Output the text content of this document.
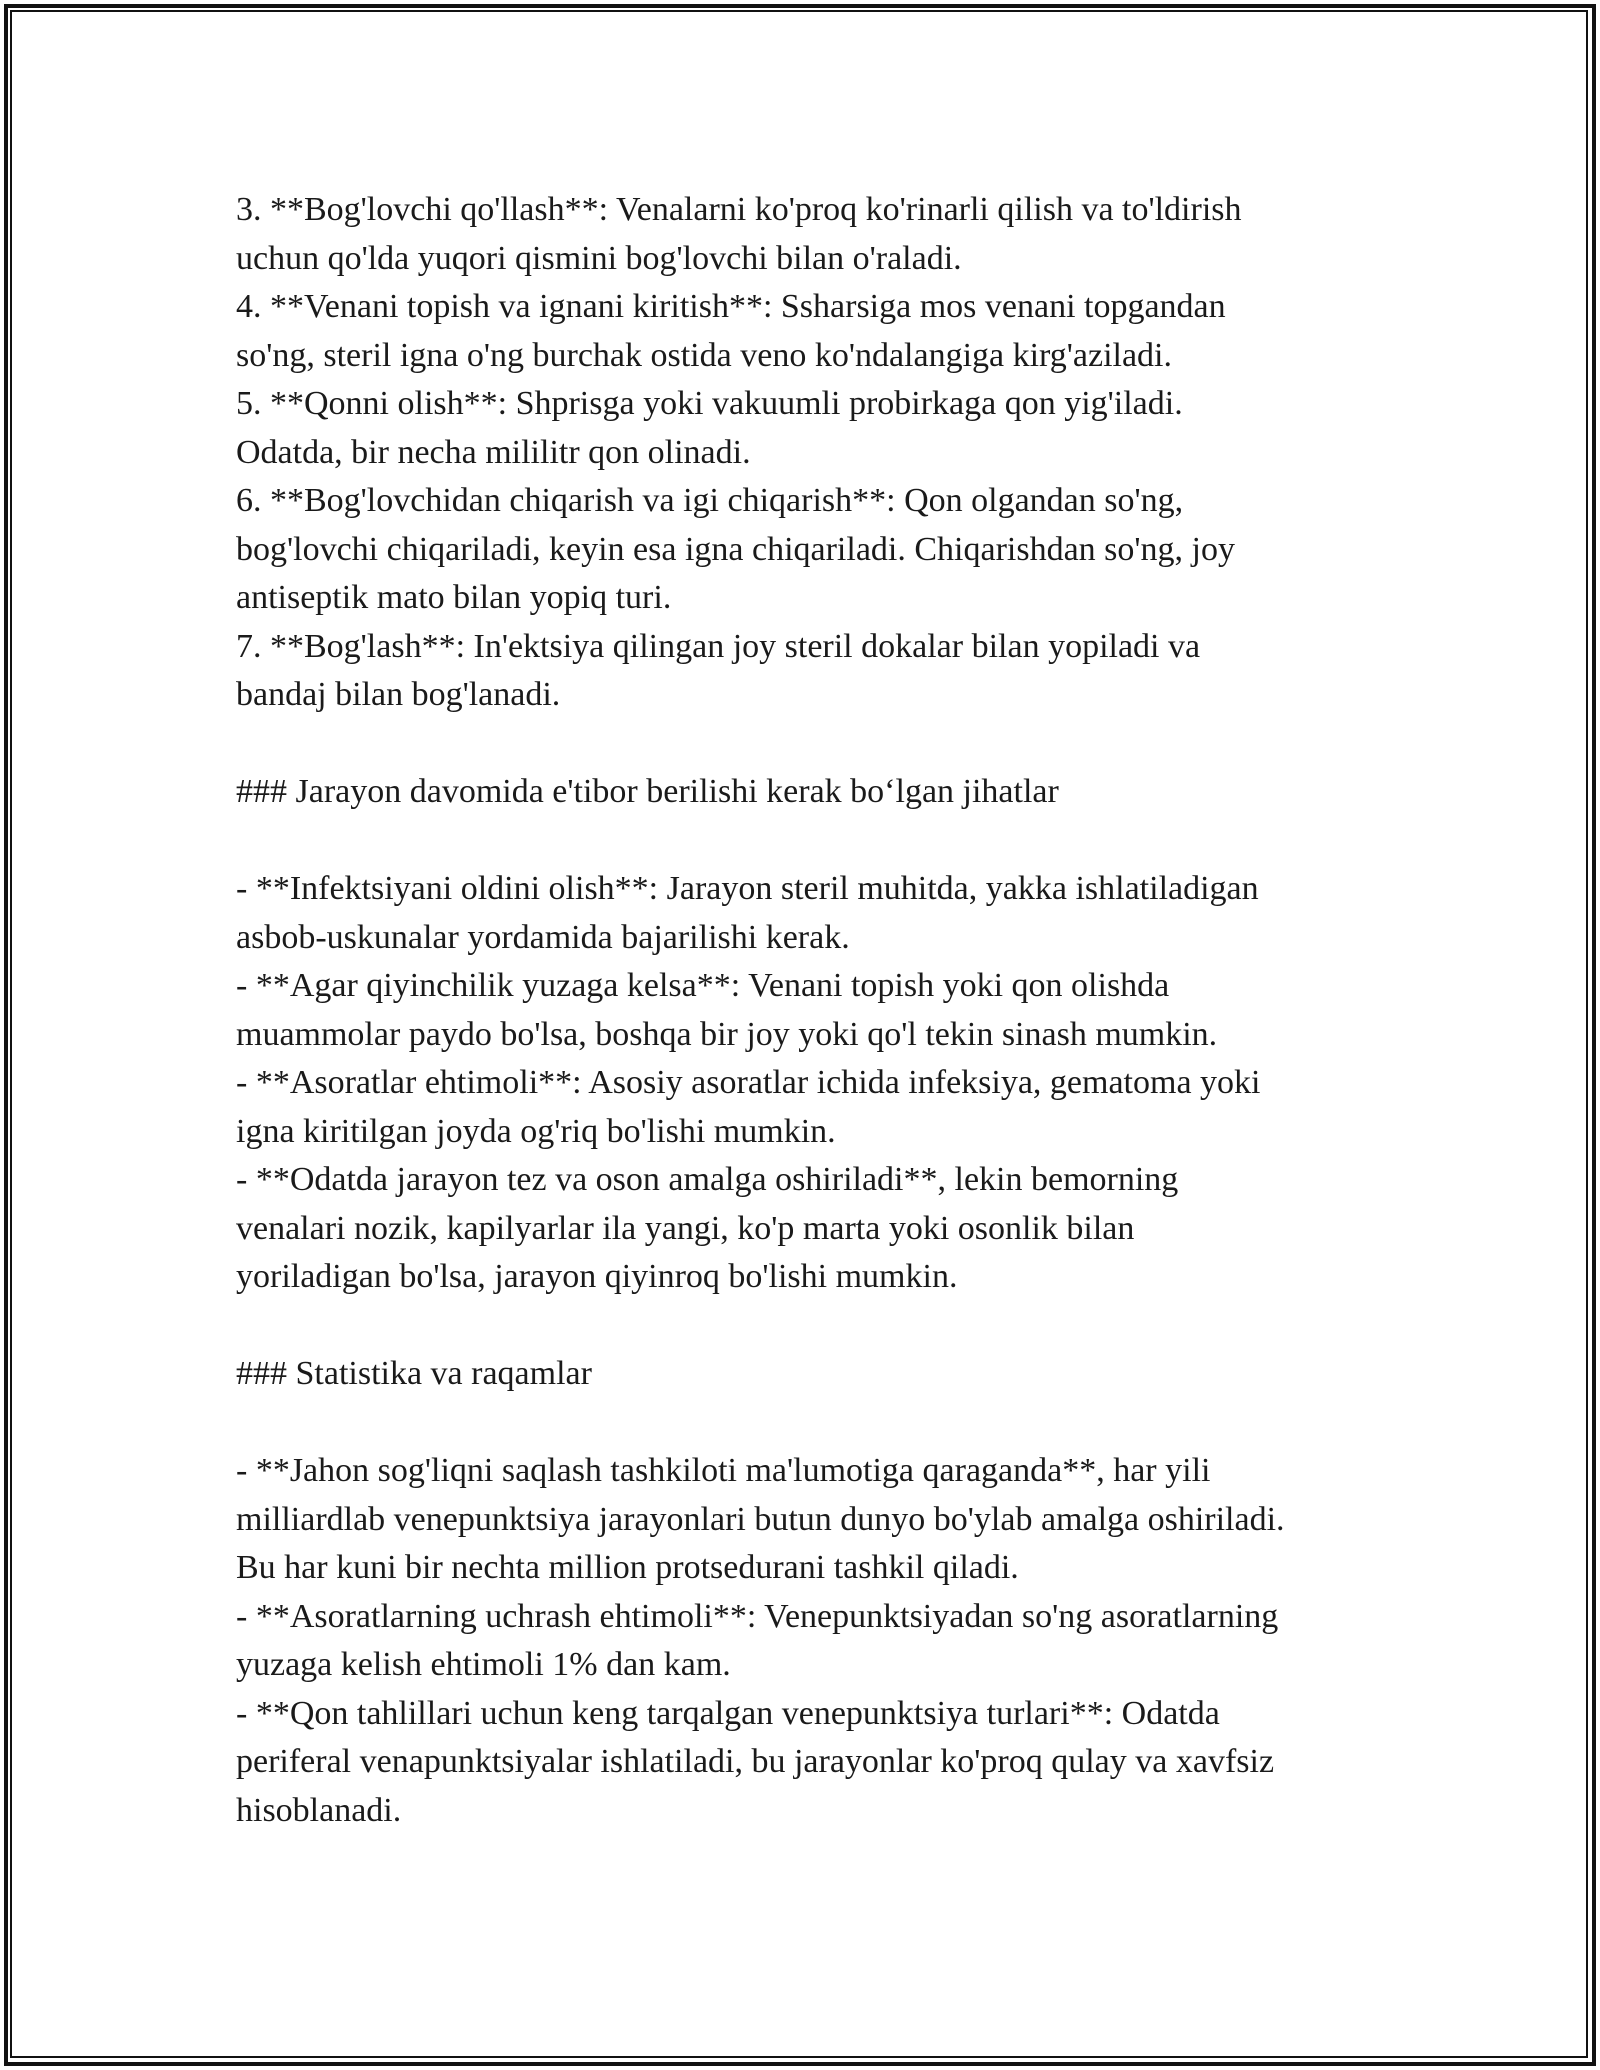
3. **Bog'lovchi qo'llash**: Venalarni ko'proq ko'rinarli qilish va to'ldirish
uchun qo'lda yuqori qismini bog'lovchi bilan o'raladi.
4. **Venani topish va ignani kiritish**: Ssharsiga mos venani topgandan
so'ng, steril igna o'ng burchak ostida veno ko'ndalangiga kirg'aziladi.
5. **Qonni olish**: Shprisga yoki vakuumli probirkaga qon yig'iladi.
Odatda, bir necha mililitr qon olinadi.
6. **Bog'lovchidan chiqarish va igi chiqarish**: Qon olgandan so'ng,
bog'lovchi chiqariladi, keyin esa igna chiqariladi. Chiqarishdan so'ng, joy
antiseptik mato bilan yopiq turi.
7. **Bog'lash**: In'ektsiya qilingan joy steril dokalar bilan yopiladi va
bandaj bilan bog'lanadi.
### Jarayon davomida e'tibor berilishi kerak bo‘lgan jihatlar
- **Infektsiyani oldini olish**: Jarayon steril muhitda, yakka ishlatiladigan
asbob-uskunalar yordamida bajarilishi kerak.
- **Agar qiyinchilik yuzaga kelsa**: Venani topish yoki qon olishda
muammolar paydo bo'lsa, boshqa bir joy yoki qo'l tekin sinash mumkin.
- **Asoratlar ehtimoli**: Asosiy asoratlar ichida infeksiya, gematoma yoki
igna kiritilgan joyda og'riq bo'lishi mumkin.
- **Odatda jarayon tez va oson amalga oshiriladi**, lekin bemorning
venalari nozik, kapilyarlar ila yangi, ko'p marta yoki osonlik bilan
yoriladigan bo'lsa, jarayon qiyinroq bo'lishi mumkin.
### Statistika va raqamlar
- **Jahon sog'liqni saqlash tashkiloti ma'lumotiga qaraganda**, har yili
milliardlab venepunktsiya jarayonlari butun dunyo bo'ylab amalga oshiriladi.
Bu har kuni bir nechta million protsedurani tashkil qiladi.
- **Asoratlarning uchrash ehtimoli**: Venepunktsiyadan so'ng asoratlarning
yuzaga kelish ehtimoli 1% dan kam.
- **Qon tahlillari uchun keng tarqalgan venepunktsiya turlari**: Odatda
periferal venapunktsiyalar ishlatiladi, bu jarayonlar ko'proq qulay va xavfsiz
hisoblanadi.
